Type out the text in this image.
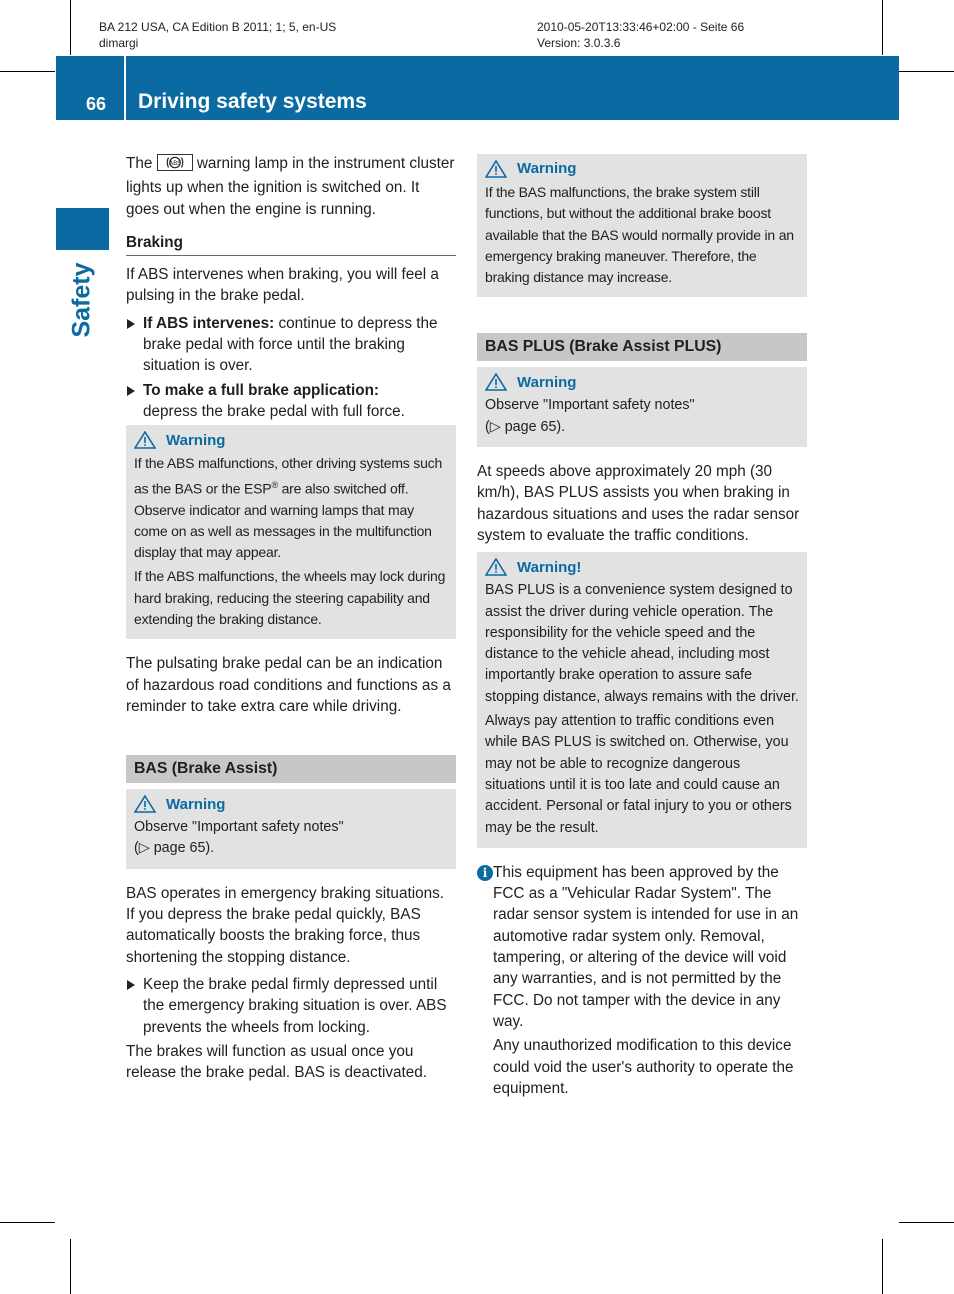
BA 212 USA, CA Edition B 2011; 1; 5, en-US
dimargi
2010-05-20T13:33:46+02:00 - Seite 66
Version: 3.0.3.6
66 Driving safety systems
Safety

The	ABS warning lamp in the instrument cluster lights up when the ignition is switched on. It goes out when the engine is running.

Braking

If ABS intervenes when braking, you will feel a pulsing in the brake pedal.

If ABS intervenes: continue to depress the brake pedal with force until the braking situation is over.
To make a full brake application:
depress the brake pedal with full force.
Warning

If the ABS malfunctions, other driving systems such as the BAS or the ESP® are also switched off. Observe indicator and warning lamps that may come on as well as messages in the multifunction display that may appear.

If the ABS malfunctions, the wheels may lock during hard braking, reducing the steering capability and extending the braking distance.

The pulsating brake pedal can be an indication of hazardous road conditions and functions as a reminder to take extra care while driving.

BAS (Brake Assist)
Warning

Observe "Important safety notes"
(▷ page 65).

BAS operates in emergency braking situations. If you depress the brake pedal quickly, BAS automatically boosts the braking force, thus shortening the stopping distance.

Keep the brake pedal firmly depressed until the emergency braking situation is over. ABS prevents the wheels from locking.

The brakes will function as usual once you release the brake pedal. BAS is deactivated.

Warning

If the BAS malfunctions, the brake system still functions, but without the additional brake boost available that the BAS would normally provide in an emergency braking maneuver. Therefore, the braking distance may increase.

BAS PLUS (Brake Assist PLUS)
Warning

Observe "Important safety notes"
(▷ page 65).

At speeds above approximately 20 mph (30 km/h), BAS PLUS assists you when braking in hazardous situations and uses the radar sensor system to evaluate the traffic conditions.

Warning!

BAS PLUS is a convenience system designed to assist the driver during vehicle operation. The responsibility for the vehicle speed and the distance to the vehicle ahead, including most importantly brake operation to assure safe stopping distance, always remains with the driver.

Always pay attention to traffic conditions even while BAS PLUS is switched on. Otherwise, you may not be able to recognize dangerous situations until it is too late and could cause an accident. Personal or fatal injury to you or others may be the result.

i This equipment has been approved by the FCC as a "Vehicular Radar System". The radar sensor system is intended for use in an automotive radar system only. Removal, tampering, or altering of the device will void any warranties, and is not permitted by the FCC. Do not tamper with the device in any way.

Any unauthorized modification to this device could void the user's authority to operate the equipment.
